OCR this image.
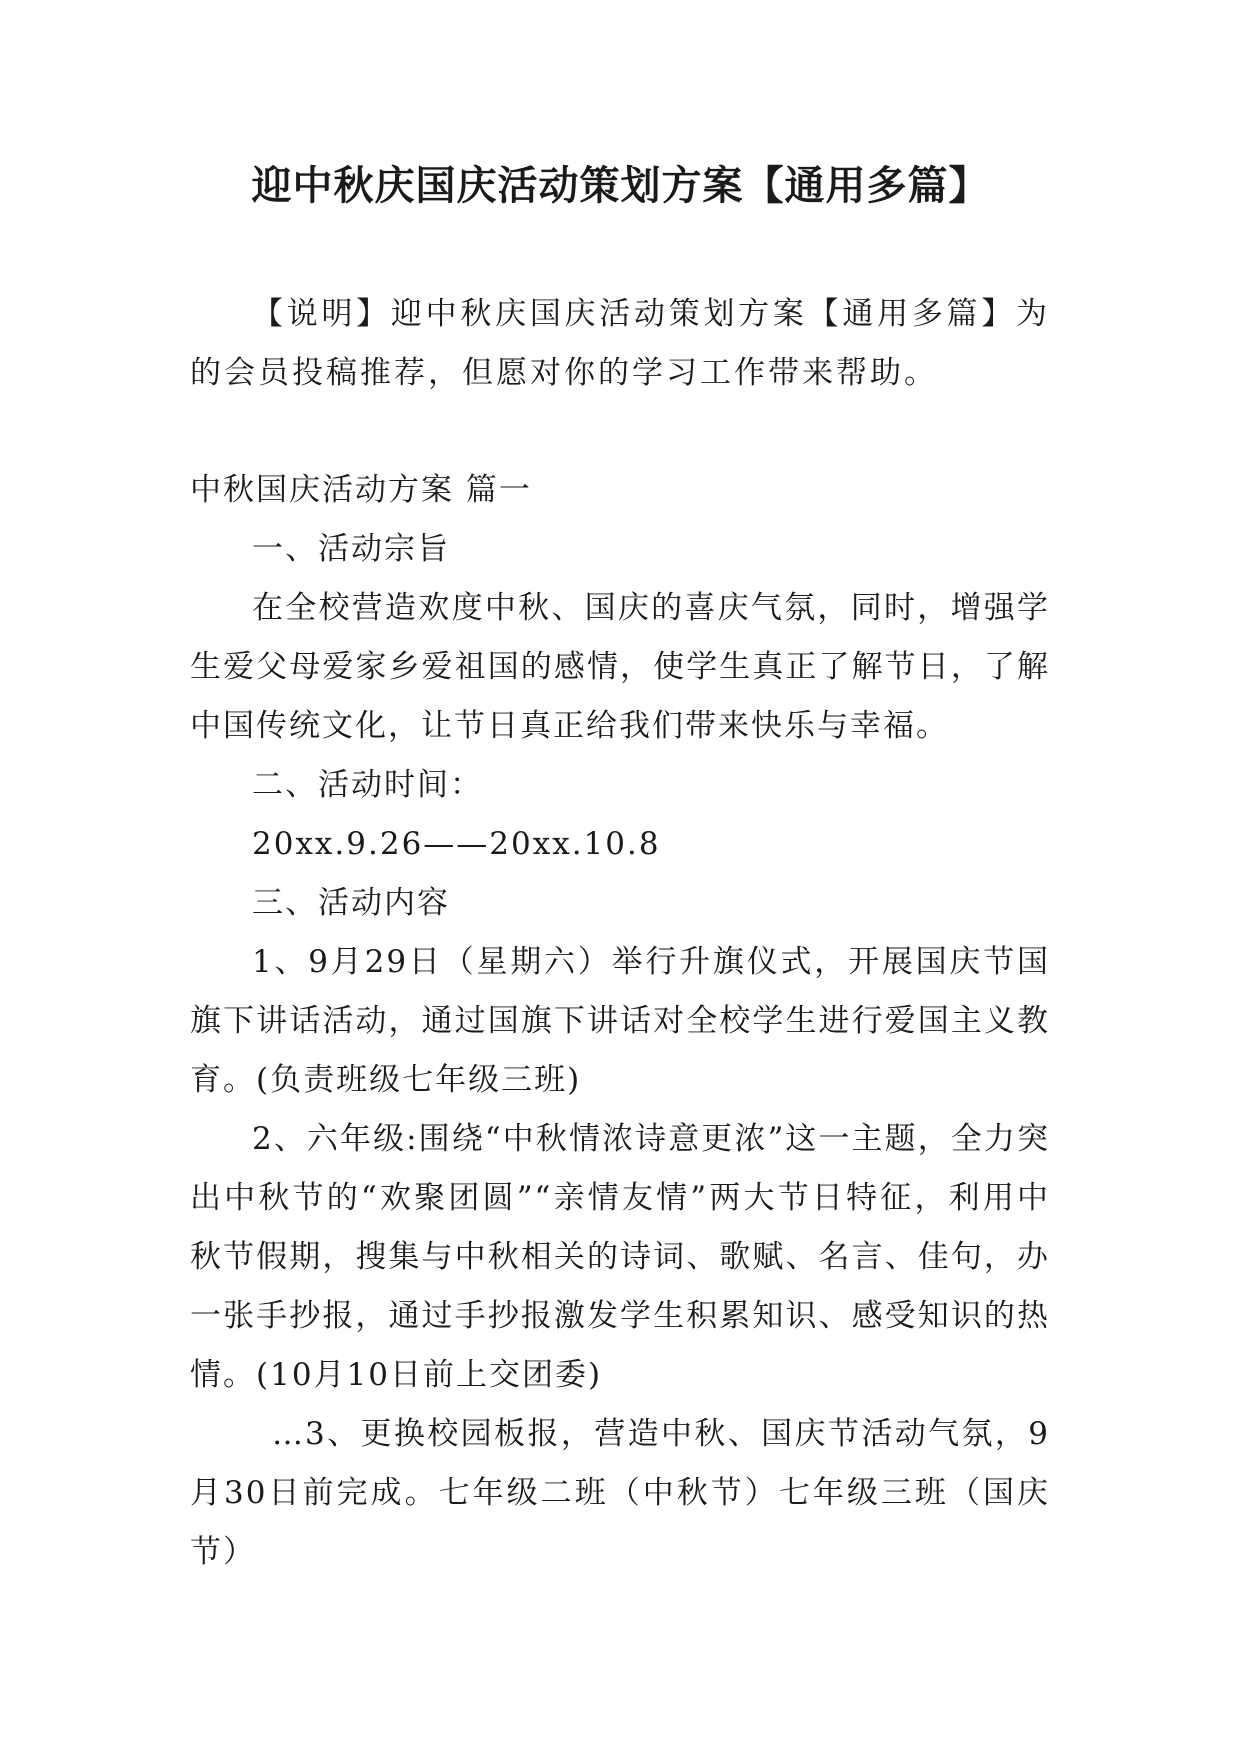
迎中秋庆国庆活动策划方案【通用多篇】

【说明】迎中秋庆国庆活动策划方案【通用多篇】为的会员投稿推荐，但愿对你的学习工作带来帮助。

中秋国庆活动方案 篇一

一、活动宗旨

在全校营造欢度中秋、国庆的喜庆气氛，同时，增强学生爱父母爱家乡爱祖国的感情，使学生真正了解节日，了解中国传统文化，让节日真正给我们带来快乐与幸福。

二、活动时间：

20xx.9.26——20xx.10.8

三、活动内容

1、9月29日（星期六）举行升旗仪式，开展国庆节国旗下讲话活动，通过国旗下讲话对全校学生进行爱国主义教育。(负责班级七年级三班)

2、六年级:围绕“中秋情浓诗意更浓”这一主题，全力突出中秋节的“欢聚团圆”“亲情友情”两大节日特征，利用中秋节假期，搜集与中秋相关的诗词、歌赋、名言、佳句，办一张手抄报，通过手抄报激发学生积累知识、感受知识的热情。(10月10日前上交团委)

…3、更换校园板报，营造中秋、国庆节活动气氛，9月30日前完成。七年级二班（中秋节）七年级三班（国庆节）
